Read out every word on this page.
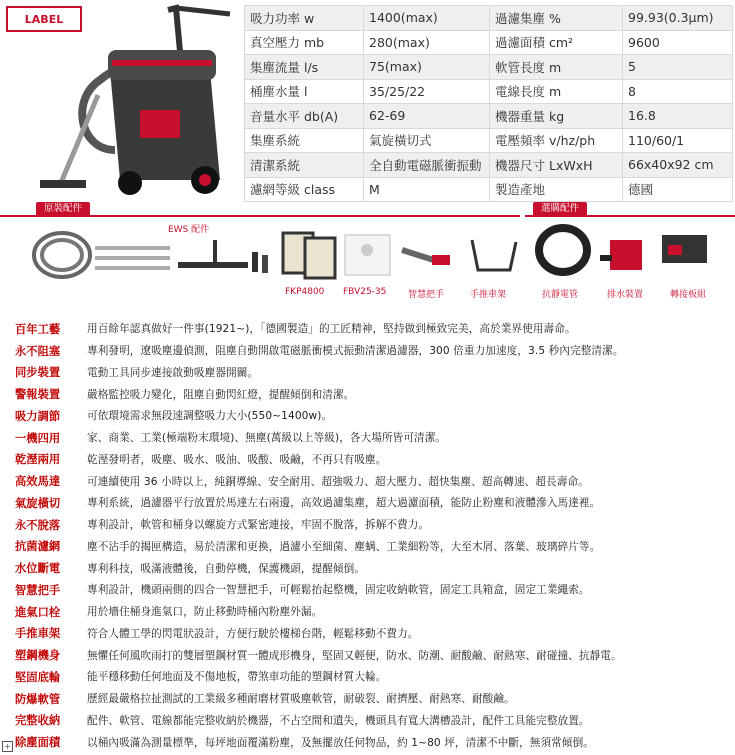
LABEL	吸力功率 w	1400(max)	過濾集塵 %	99.93(0.3μm)
真空壓力 mb	280(max)	過濾面積 cm²	9600
集塵流量 l/s	75(max)	軟管長度 m	5
桶塵水量 l	35/25/22	電線長度 m	8
音量水平 db(A)	62-69	機器重量 kg	16.8
集塵系統	氣旋橫切式	電壓頻率 v/hz/ph	110/60/1
清潔系統	全自動電磁脈衝振動	機器尺寸 LxWxH	66x40x92 cm
濾網等級 class	M	製造產地	德國
原裝配件	選購配件
EWS 配件
FKP4800 FBV25-35 智慧把手	手推車架	抗靜電管	排水裝置	轉接板組
百年工藝	用百餘年認真做好一件事(1921~)，「德國製造」的工匠精神，堅持做到極致完美，高於業界使用壽命。
永不阻塞	專利發明，遼吸塵邊偵測，阻塵自動開啟電磁脈衝模式振動清潔過濾器，300 倍重力加速度，3.5 秒內完整清潔。
同步裝置	電動工具同步連接啟動吸塵器開關。
警報裝置	嚴格監控吸力變化，阻塵自動閃紅燈，提醒傾倒和清潔。
吸力調節	可依環境需求無段速調整吸力大小(550~1400w)。
一機四用	家、商業、工業(極端粉末環境)、無塵(萬級以上等級)，各大場所皆可清潔。
乾溼兩用	乾溼發明者，吸塵、吸水、吸油、吸酸、吸鹼，不再只有吸塵。
高效馬達	可連續使用 36 小時以上，純銅導線、安全耐用、超強吸力、超大壓力、超快集塵、超高轉速、超長壽命。
氣旋橫切	專利系統，過濾器平行放置於馬達左右兩邊，高效過濾集塵，超大過濾面積，能防止粉塵和液體滲入馬達裡。
永不脫落	專利設計，軟管和桶身以螺旋方式緊密連接，牢固不脫落，拆解不費力。
抗菌濾網	塵不沾手的揭匣構造，易於清潔和更換，過濾小至細菌、塵螨、工業細粉等，大至木屑、落葉、玻璃碎片等。
水位斷電	專利科技，吸滿液體後，自動停機，保護機頭，提醒傾倒。
智慧把手	專利設計，機頭兩側的四合一智慧把手，可輕鬆抬起整機，固定收納軟管，固定工具箱盒，固定工業繩索。
進氣口栓	用於墻住桶身進氣口，防止移動時桶內粉塵外漏。
手推車架	符合人體工學的閃電狀設計，方便行駛於樓梯台階，輕鬆移動不費力。
塑鋼機身	無懼任何風吹雨打的雙層塑鋼材質一體成形機身，堅固又輕便，防水、防潮、耐酸鹼、耐熱寒、耐碰撞、抗靜電。
堅固底輪	能平穩移動任何地面及不傷地板，帶煞車功能的塑鋼材質大輪。
防爆軟管	歷經最嚴格拉扯測試的工業級多種耐磨材質吸塵軟管，耐破裂、耐擠壓、耐熱寒、耐酸鹼。
完整收納	配件、軟管、電線都能完整收納於機器，不占空間和遺失，機頭具有寬大溝槽設計，配件工具能完整放置。
除塵面積	以桶內吸滿為測量標準，每坪地面覆滿粉塵，及無擺放任何物品，約 1~80 坪，清潔不中斷，無須常傾倒。
+
